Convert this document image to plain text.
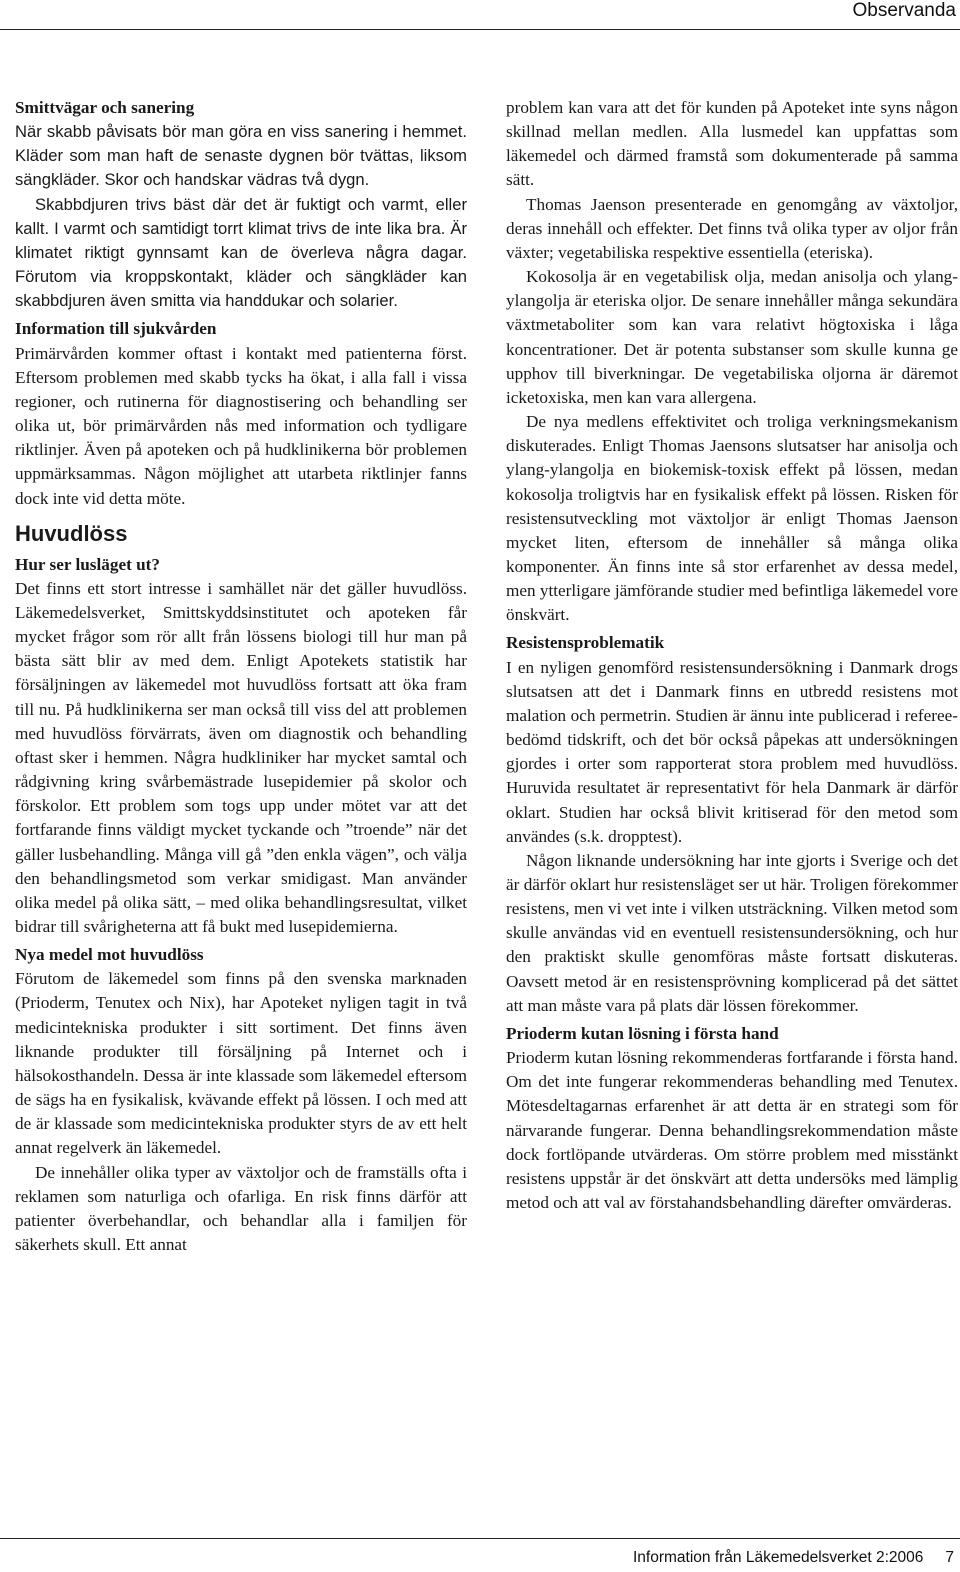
Observanda

Smittvägar och sanering

När skabb påvisats bör man göra en viss sanering i hemmet. Kläder som man haft de senaste dygnen bör tvättas, liksom sängkläder. Skor och handskar vädras två dygn.

Skabbdjuren trivs bäst där det är fuktigt och varmt, eller kallt. I varmt och samtidigt torrt klimat trivs de inte lika bra. Är klimatet riktigt gynnsamt kan de överleva några dagar. Förutom via kroppskontakt, kläder och sängkläder kan skabbdjuren även smitta via handdukar och solarier.

Information till sjukvården

Primärvården kommer oftast i kontakt med patienterna först. Eftersom problemen med skabb tycks ha ökat, i alla fall i vissa regioner, och rutinerna för diagnostisering och behandling ser olika ut, bör primärvården nås med information och tydligare riktlinjer. Även på apoteken och på hudklinikerna bör problemen uppmärksammas. Någon möjlighet att utarbeta riktlinjer fanns dock inte vid detta möte.

Huvudlöss

Hur ser lusläget ut?

Det finns ett stort intresse i samhället när det gäller huvudlöss. Läkemedelsverket, Smittskyddsinstitutet och apoteken får mycket frågor som rör allt från lössens biologi till hur man på bästa sätt blir av med dem. Enligt Apotekets statistik har försäljningen av läkemedel mot huvudlöss fortsatt att öka fram till nu. På hudklinikerna ser man också till viss del att problemen med huvudlöss förvärrats, även om diagnostik och behandling oftast sker i hemmen. Några hudkliniker har mycket samtal och rådgivning kring svårbemästrade lusepidemier på skolor och förskolor. Ett problem som togs upp under mötet var att det fortfarande finns väldigt mycket tyckande och ”troende” när det gäller lusbehandling. Många vill gå ”den enkla vägen”, och välja den behandlingsmetod som verkar smidigast. Man använder olika medel på olika sätt, – med olika behandlingsresultat, vilket bidrar till svårigheterna att få bukt med lusepidemierna.

Nya medel mot huvudlöss

Förutom de läkemedel som finns på den svenska marknaden (Prioderm, Tenutex och Nix), har Apoteket nyligen tagit in två medicintekniska produkter i sitt sortiment. Det finns även liknande produkter till försäljning på Internet och i hälsokosthandeln. Dessa är inte klassade som läkemedel eftersom de sägs ha en fysikalisk, kvävande effekt på lössen. I och med att de är klassade som medicintekniska produkter styrs de av ett helt annat regelverk än läkemedel.

De innehåller olika typer av växtoljor och de framställs ofta i reklamen som naturliga och ofarliga. En risk finns därför att patienter överbehandlar, och behandlar alla i familjen för säkerhets skull. Ett annat

problem kan vara att det för kunden på Apoteket inte syns någon skillnad mellan medlen. Alla lusmedel kan uppfattas som läkemedel och därmed framstå som dokumenterade på samma sätt.

Thomas Jaenson presenterade en genomgång av växtoljor, deras innehåll och effekter. Det finns två olika typer av oljor från växter; vegetabiliska respektive essentiella (eteriska).

Kokosolja är en vegetabilisk olja, medan anisolja och ylang-ylangolja är eteriska oljor. De senare innehåller många sekundära växtmetaboliter som kan vara relativt högtoxiska i låga koncentrationer. Det är potenta substanser som skulle kunna ge upphov till biverkningar. De vegetabiliska oljorna är däremot icketoxiska, men kan vara allergena.

De nya medlens effektivitet och troliga verkningsmekanism diskuterades. Enligt Thomas Jaensons slutsatser har anisolja och ylang-ylangolja en biokemisk-toxisk effekt på lössen, medan kokosolja troligtvis har en fysikalisk effekt på lössen. Risken för resistensutveckling mot växtoljor är enligt Thomas Jaenson mycket liten, eftersom de innehåller så många olika komponenter. Än finns inte så stor erfarenhet av dessa medel, men ytterligare jämförande studier med befintliga läkemedel vore önskvärt.

Resistensproblematik

I en nyligen genomförd resistensundersökning i Danmark drogs slutsatsen att det i Danmark finns en utbredd resistens mot malation och permetrin. Studien är ännu inte publicerad i referee-bedömd tidskrift, och det bör också påpekas att undersökningen gjordes i orter som rapporterat stora problem med huvudlöss. Huruvida resultatet är representativt för hela Danmark är därför oklart. Studien har också blivit kritiserad för den metod som användes (s.k. dropptest).

Någon liknande undersökning har inte gjorts i Sverige och det är därför oklart hur resistensläget ser ut här. Troligen förekommer resistens, men vi vet inte i vilken utsträckning. Vilken metod som skulle användas vid en eventuell resistensundersökning, och hur den praktiskt skulle genomföras måste fortsatt diskuteras. Oavsett metod är en resistensprövning komplicerad på det sättet att man måste vara på plats där lössen förekommer.

Prioderm kutan lösning i första hand

Prioderm kutan lösning rekommenderas fortfarande i första hand. Om det inte fungerar rekommenderas behandling med Tenutex. Mötesdeltagarnas erfarenhet är att detta är en strategi som för närvarande fungerar. Denna behandlingsrekommendation måste dock fortlöpande utvärderas. Om större problem med misstänkt resistens uppstår är det önskvärt att detta undersöks med lämplig metod och att val av förstahandsbehandling därefter omvärderas.

Information från Läkemedelsverket 2:2006 7
